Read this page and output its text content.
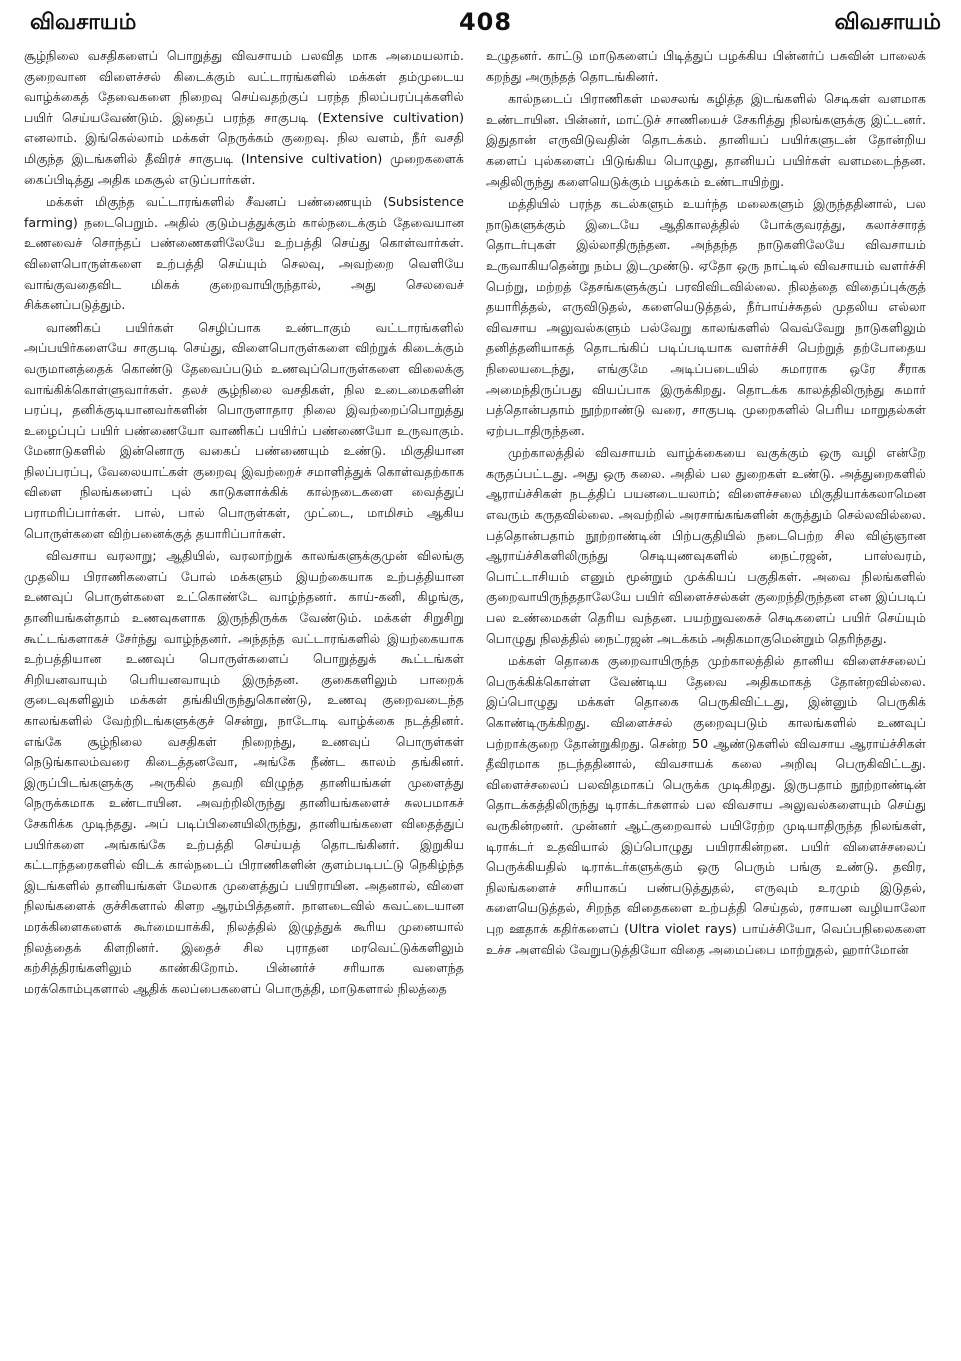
விவசாயம்	408	விவசாயம்

சூழ்நிலை வசதிகளைப் பொறுத்து விவசாயம் பலவித மாக அமையலாம். குறைவான விளைச்சல் கிடைக்கும் வட்டாரங்களில் மக்கள் தம்முடைய வாழ்க்கைத் தேவைகளை நிறைவு செய்வதற்குப் பரந்த நிலப்பரப்புக்களில் பயிர் செய்யவேண்டும். இதைப் பரந்த சாகுபடி (Extensive cultivation) எனலாம். இங்கெல்லாம் மக்கள் நெருக்கம் குறைவு. நில வளம், நீர் வசதி மிகுந்த இடங்களில் தீவிரச் சாகுபடி (Intensive cultivation) முறைகளைக் கைப்பிடித்து அதிக மகசூல் எடுப்பார்கள்.

மக்கள் மிகுந்த வட்டாரங்களில் சீவனப் பண்ணையும் (Subsistence farming) நடைபெறும். அதில் குடும்பத்துக்கும் கால்நடைக்கும் தேவையான உணவைச் சொந்தப் பண்ணைகளிலேயே உற்பத்தி செய்து கொள்வார்கள். விளைபொருள்களை உற்பத்தி செய்யும் செலவு, அவற்றை வெளியே வாங்குவதைவிட மிகக் குறைவாயிருந்தால், அது செலவைச் சிக்கனப்படுத்தும்.

வாணிகப் பயிர்கள் செழிப்பாக உண்டாகும் வட்டாரங்களில் அப்பயிர்களையே சாகுபடி செய்து, விளைபொருள்களை விற்றுக் கிடைக்கும் வருமானத்தைக் கொண்டு தேவைப்படும் உணவுப்பொருள்களை விலைக்கு வாங்கிக்கொள்ளுவார்கள். தலச் சூழ்நிலை வசதிகள், நில உடைமைகளின் பரப்பு, தனிக்குடியானவர்களின் பொருளாதார நிலை இவற்றைப்பொறுத்து உழைப்புப் பயிர் பண்ணையோ வாணிகப் பயிர்ப் பண்ணையோ உருவாகும். மேனாடுகளில் இன்னொரு வகைப் பண்ணையும் உண்டு. மிகுதியான நிலப்பரப்பு, வேலையாட்கள் குறைவு இவற்றைச் சமாளித்துக் கொள்வதற்காக விளை நிலங்களைப் புல் காடுகளாக்கிக் கால்நடைகளை வைத்துப் பராமரிப்பார்கள். பால், பால் பொருள்கள், முட்டை, மாமிசம் ஆகிய பொருள்களை விற்பனைக்குத் தயாரிப்பார்கள்.

விவசாய வரலாறு; ஆதியில், வரலாற்றுக் காலங்களுக்குமுன் விலங்கு முதலிய பிராணிகளைப் போல் மக்களும் இயற்கையாக உற்பத்தியான உணவுப் பொருள்களை உட்கொண்டே வாழ்ந்தனர். காய்-கனி, கிழங்கு, தானியங்கள்தாம் உணவுகளாக இருந்திருக்க வேண்டும். மக்கள் சிறுசிறு கூட்டங்களாகச் சேர்ந்து வாழ்ந்தனர். அந்தந்த வட்டாரங்களில் இயற்கையாக உற்பத்தியான உணவுப் பொருள்களைப் பொறுத்துக் கூட்டங்கள் சிறியனவாயும் பெரியனவாயும் இருந்தன. குகைகளிலும் பாறைக் குடைவுகளிலும் மக்கள் தங்கியிருந்துகொண்டு, உணவு குறைவடைந்த காலங்களில் வேற்றிடங்களுக்குச் சென்று, நாடோடி வாழ்க்கை நடத்தினர். எங்கே சூழ்நிலை வசதிகள் நிறைந்து, உணவுப் பொருள்கள் நெடுங்காலம்வரை கிடைத்தனவோ, அங்கே நீண்ட காலம் தங்கினர். இருப்பிடங்களுக்கு அருகில் தவறி விழுந்த தானியங்கள் முளைத்து நெருக்கமாக உண்டாயின. அவற்றிலிருந்து தானியங்களைச் சுலபமாகச் சேகரிக்க முடிந்தது. அப் படிப்பினையிலிருந்து, தானியங்களை விதைத்துப் பயிர்களை அங்கங்கே உற்பத்தி செய்யத் தொடங்கினர். இறுகிய கட்டாந்தரைகளில் விடக் கால்நடைப் பிராணிகளின் குளம்படிபட்டு நெகிழ்ந்த இடங்களில் தானியங்கள் மேலாக முளைத்துப் பயிராயின. அதனால், விளை நிலங்களைக் குச்சிகளால் கிளற ஆரம்பித்தனர். நாளடைவில் கவட்டையான மரக்கிளைகளைக் கூர்மையாக்கி, நிலத்தில் இழுத்துக் கூரிய முனையால் நிலத்தைக் கிளறினர். இதைச் சில புராதன மரவெட்டுக்களிலும் கற்சித்திரங்களிலும் காண்கிறோம். பின்னர்ச் சரியாக வளைந்த மரக்கொம்புகளால் ஆதிக் கலப்பைகளைப் பொருத்தி, மாடுகளால் நிலத்தை

உழுதனர். காட்டு மாடுகளைப் பிடித்துப் பழக்கிய பின்னர்ப் பசுவின் பாலைக் கறந்து அருந்தத் தொடங்கினர்.

கால்நடைப் பிராணிகள் மலசலங் கழித்த இடங்களில் செடிகள் வளமாக உண்டாயின. பின்னர், மாட்டுச் சாணியைச் சேகரித்து நிலங்களுக்கு இட்டனர். இதுதான் எருவிடுவதின் தொடக்கம். தானியப் பயிர்களுடன் தோன்றிய களைப் புல்களைப் பிடுங்கிய பொழுது, தானியப் பயிர்கள் வளமடைந்தன. அதிலிருந்து களையெடுக்கும் பழக்கம் உண்டாயிற்று.

மத்தியில் பரந்த கடல்களும் உயர்ந்த மலைகளும் இருந்ததினால், பல நாடுகளுக்கும் இடையே ஆதிகாலத்தில் போக்குவரத்து, கலாச்சாரத் தொடர்புகள் இல்லாதிருந்தன. அந்தந்த நாடுகளிலேயே விவசாயம் உருவாகியதென்று நம்ப இடமுண்டு. ஏதோ ஒரு நாட்டில் விவசாயம் வளர்ச்சி பெற்று, மற்றத் தேசங்களுக்குப் பரவிவிடவில்லை. நிலத்தை விதைப்புக்குத் தயாரித்தல், எருவிடுதல், களையெடுத்தல், நீர்பாய்ச்சுதல் முதலிய எல்லா விவசாய அலுவல்களும் பல்வேறு காலங்களில் வெவ்வேறு நாடுகளிலும் தனித்தனியாகத் தொடங்கிப் படிப்படியாக வளர்ச்சி பெற்றுத் தற்போதைய நிலையடைந்து, எங்குமே அடிப்படையில் சுமாராக ஒரே சீராக அமைந்திருப்பது வியப்பாக இருக்கிறது. தொடக்க காலத்திலிருந்து சுமார் பத்தொன்பதாம் நூற்றாண்டு வரை, சாகுபடி முறைகளில் பெரிய மாறுதல்கள் ஏற்படாதிருந்தன.

முற்காலத்தில் விவசாயம் வாழ்க்கையை வகுக்கும் ஒரு வழி என்றே கருதப்பட்டது. அது ஒரு கலை. அதில் பல துறைகள் உண்டு. அத்துறைகளில் ஆராய்ச்சிகள் நடத்திப் பயனடையலாம்; விளைச்சலை மிகுதியாக்கலாமென எவரும் கருதவில்லை. அவற்றில் அரசாங்கங்களின் கருத்தும் செல்லவில்லை. பத்தொன்பதாம் நூற்றாண்டின் பிற்பகுதியில் நடைபெற்ற சில விஞ்ஞான ஆராய்ச்சிகளிலிருந்து செடியுணவுகளில் நைட்ரஜன், பாஸ்வரம், பொட்டாசியம் எனும் மூன்றும் முக்கியப் பகுதிகள். அவை நிலங்களில் குறைவாயிருந்ததாலேயே பயிர் விளைச்சல்கள் குறைந்திருந்தன என இப்படிப் பல உண்மைகள் தெரிய வந்தன. பயற்றுவகைச் செடிகளைப் பயிர் செய்யும் பொழுது நிலத்தில் நைட்ரஜன் அடக்கம் அதிகமாகுமென்றும் தெரிந்தது.

மக்கள் தொகை குறைவாயிருந்த முற்காலத்தில் தானிய விளைச்சலைப் பெருக்கிக்கொள்ள வேண்டிய தேவை அதிகமாகத் தோன்றவில்லை. இப்பொழுது மக்கள் தொகை பெருகிவிட்டது, இன்னும் பெருகிக் கொண்டிருக்கிறது. விளைச்சல் குறைவுபடும் காலங்களில் உணவுப் பற்றாக்குறை தோன்றுகிறது. சென்ற 50 ஆண்டுகளில் விவசாய ஆராய்ச்சிகள் தீவிரமாக நடந்ததினால், விவசாயக் கலை அறிவு பெருகிவிட்டது. விளைச்சலைப் பலவிதமாகப் பெருக்க முடிகிறது. இருபதாம் நூற்றாண்டின் தொடக்கத்திலிருந்து டிராக்டர்களால் பல விவசாய அலுவல்களையும் செய்து வருகின்றனர். முன்னர் ஆட்குறைவால் பயிரேற்ற முடியாதிருந்த நிலங்கள், டிராக்டர் உதவியால் இப்பொழுது பயிராகின்றன. பயிர் விளைச்சலைப் பெருக்கியதில் டிராக்டர்களுக்கும் ஒரு பெரும் பங்கு உண்டு. தவிர, நிலங்களைச் சரியாகப் பண்படுத்துதல், எருவும் உரமும் இடுதல், களையெடுத்தல், சிறந்த விதைகளை உற்பத்தி செய்தல், ரசாயன வழியாலோ புற ஊதாக் கதிர்களைப் (Ultra violet rays) பாய்ச்சியோ, வெப்பநிலைகளை உச்ச அளவில் வேறுபடுத்தியோ விதை அமைப்பை மாற்றுதல், ஹார்மோன்
